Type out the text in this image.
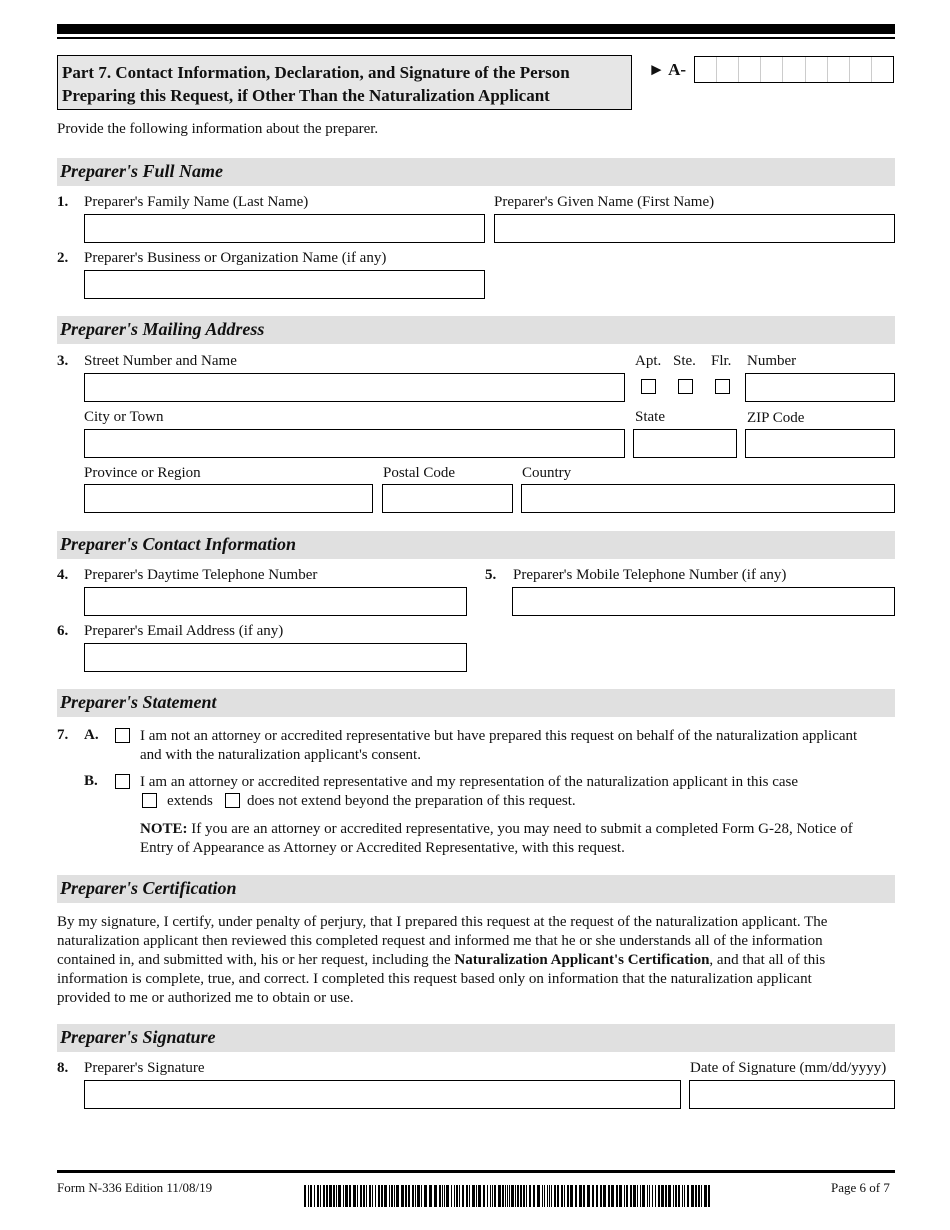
Part 7. Contact Information, Declaration, and Signature of the Person
Preparing this Request, if Other Than the Naturalization Applicant
► A-
Provide the following information about the preparer.
Preparer's Full Name
1. Preparer's Family Name (Last Name)	Preparer's Given Name (First Name)
2. Preparer's Business or Organization Name (if any)
Preparer's Mailing Address
3. Street Number and Name	Apt. Ste. Flr. Number
City or Town	State	ZIP Code
Province or Region	Postal Code	Country
Preparer's Contact Information
4. Preparer's Daytime Telephone Number	5. Preparer's Mobile Telephone Number (if any)
6. Preparer's Email Address (if any)
Preparer's Statement
7. A.	I am not an attorney or accredited representative but have prepared this request on behalf of the naturalization applicant
and with the naturalization applicant's consent.
B.	I am an attorney or accredited representative and my representation of the naturalization applicant in this case
extends does not extend beyond the preparation of this request.
NOTE: If you are an attorney or accredited representative, you may need to submit a completed Form G-28, Notice of
Entry of Appearance as Attorney or Accredited Representative, with this request.
Preparer's Certification
By my signature, I certify, under penalty of perjury, that I prepared this request at the request of the naturalization applicant. The
naturalization applicant then reviewed this completed request and informed me that he or she understands all of the information
contained in, and submitted with, his or her request, including the Naturalization Applicant's Certification, and that all of this
information is complete, true, and correct. I completed this request based only on information that the naturalization applicant
provided to me or authorized me to obtain or use.
Preparer's Signature
8. Preparer's Signature	Date of Signature (mm/dd/yyyy)
Form N-336 Edition 11/08/19	Page 6 of 7
